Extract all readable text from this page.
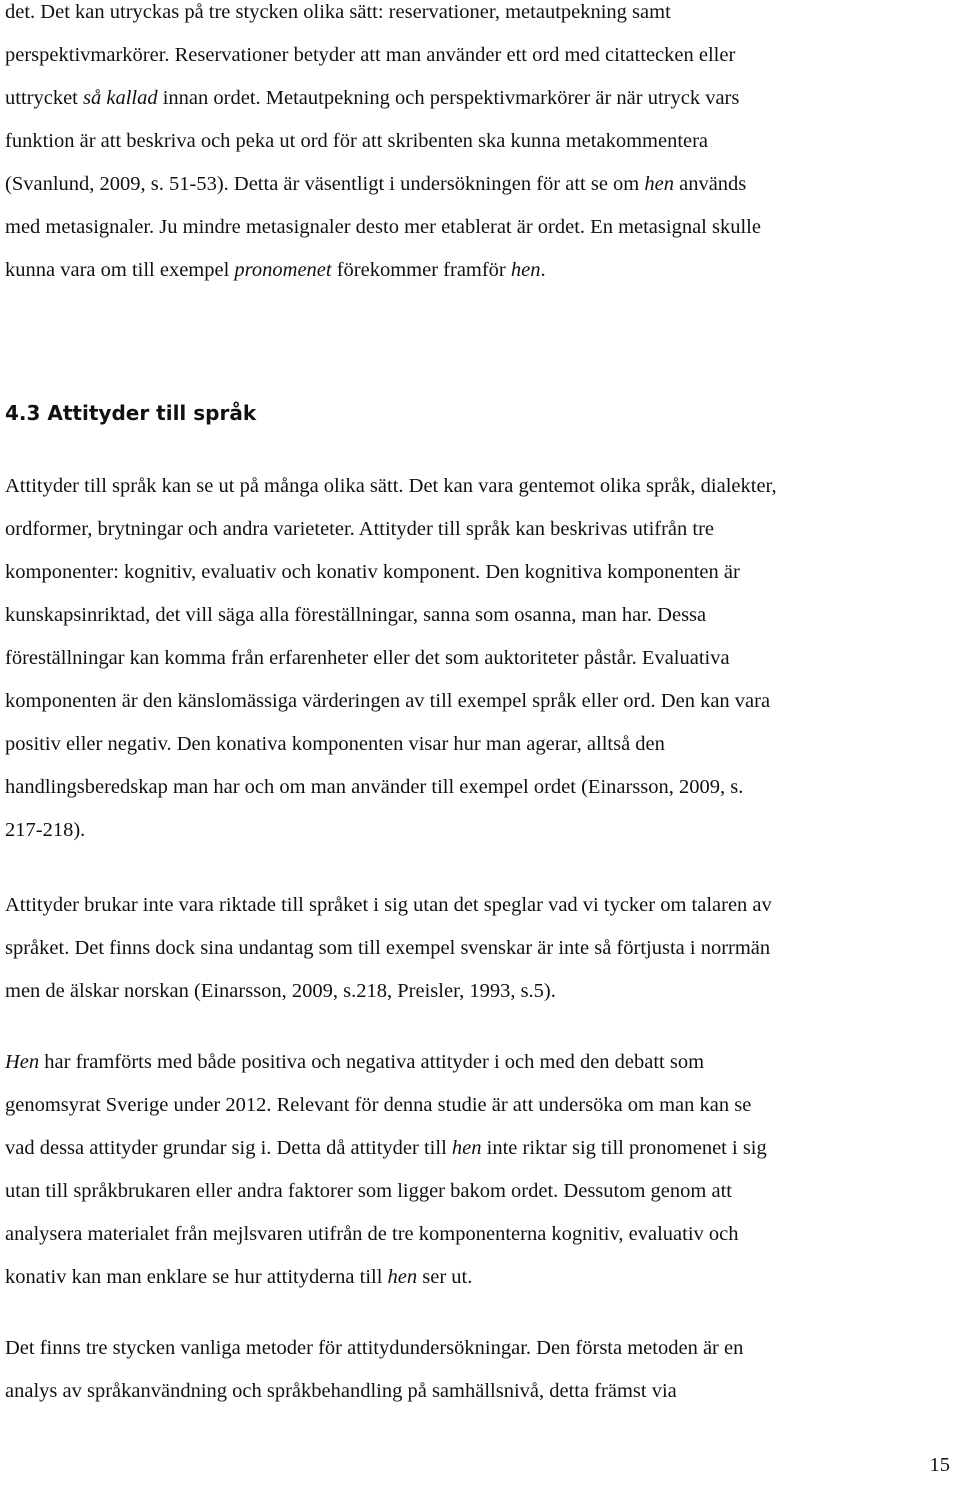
det. Det kan utryckas på tre stycken olika sätt: reservationer, metautpekning samt
perspektivmarkörer. Reservationer betyder att man använder ett ord med citattecken eller
uttrycket så kallad innan ordet. Metautpekning och perspektivmarkörer är när utryck vars
funktion är att beskriva och peka ut ord för att skribenten ska kunna metakommentera
(Svanlund, 2009, s. 51-53). Detta är väsentligt i undersökningen för att se om hen används
med metasignaler. Ju mindre metasignaler desto mer etablerat är ordet. En metasignal skulle
kunna vara om till exempel pronomenet förekommer framför hen.

4.3 Attityder till språk

Attityder till språk kan se ut på många olika sätt. Det kan vara gentemot olika språk, dialekter,
ordformer, brytningar och andra varieteter. Attityder till språk kan beskrivas utifrån tre
komponenter: kognitiv, evaluativ och konativ komponent. Den kognitiva komponenten är
kunskapsinriktad, det vill säga alla föreställningar, sanna som osanna, man har. Dessa
föreställningar kan komma från erfarenheter eller det som auktoriteter påstår. Evaluativa
komponenten är den känslomässiga värderingen av till exempel språk eller ord. Den kan vara
positiv eller negativ. Den konativa komponenten visar hur man agerar, alltså den
handlingsberedskap man har och om man använder till exempel ordet (Einarsson, 2009, s.
217-218).

Attityder brukar inte vara riktade till språket i sig utan det speglar vad vi tycker om talaren av
språket. Det finns dock sina undantag som till exempel svenskar är inte så förtjusta i norrmän
men de älskar norskan (Einarsson, 2009, s.218, Preisler, 1993, s.5).

Hen har framförts med både positiva och negativa attityder i och med den debatt som
genomsyrat Sverige under 2012. Relevant för denna studie är att undersöka om man kan se
vad dessa attityder grundar sig i. Detta då attityder till hen inte riktar sig till pronomenet i sig
utan till språkbrukaren eller andra faktorer som ligger bakom ordet. Dessutom genom att
analysera materialet från mejlsvaren utifrån de tre komponenterna kognitiv, evaluativ och
konativ kan man enklare se hur attityderna till hen ser ut.

Det finns tre stycken vanliga metoder för attitydundersökningar. Den första metoden är en
analys av språkanvändning och språkbehandling på samhällsnivå, detta främst via

15
